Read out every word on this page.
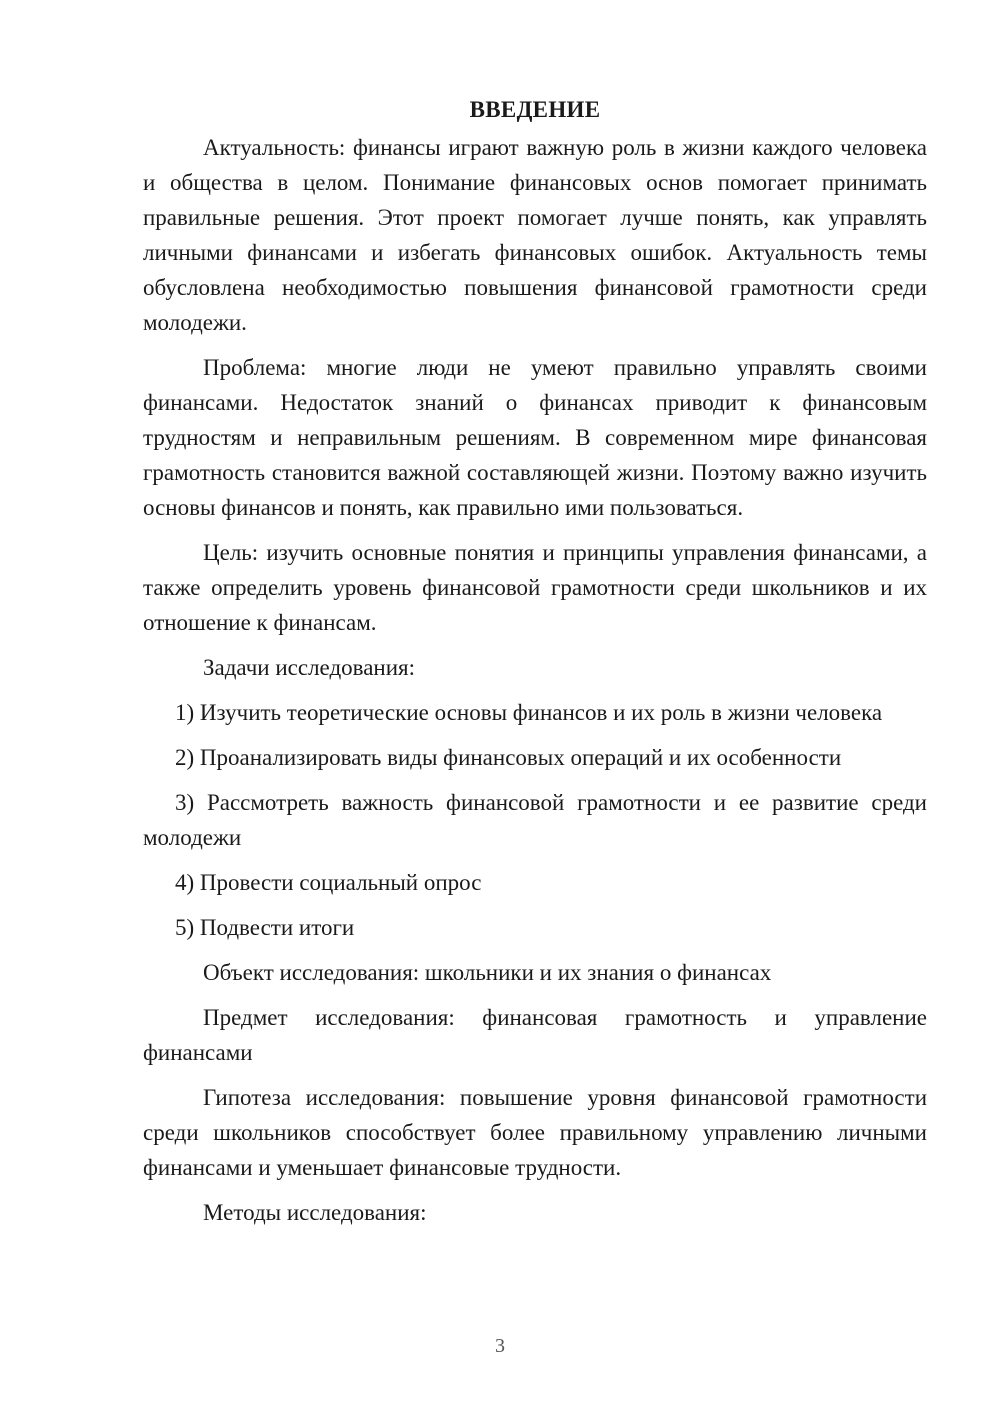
ВВЕДЕНИЕ

Актуальность: финансы играют важную роль в жизни каждого человека и общества в целом. Понимание финансовых основ помогает принимать правильные решения. Этот проект помогает лучше понять, как управлять личными финансами и избегать финансовых ошибок. Актуальность темы обусловлена необходимостью повышения финансовой грамотности среди молодежи.

Проблема: многие люди не умеют правильно управлять своими финансами. Недостаток знаний о финансах приводит к финансовым трудностям и неправильным решениям. В современном мире финансовая грамотность становится важной составляющей жизни. Поэтому важно изучить основы финансов и понять, как правильно ими пользоваться.

Цель: изучить основные понятия и принципы управления финансами, а также определить уровень финансовой грамотности среди школьников и их отношение к финансам.

Задачи исследования:

1) Изучить теоретические основы финансов и их роль в жизни человека

2) Проанализировать виды финансовых операций и их особенности

3) Рассмотреть важность финансовой грамотности и ее развитие среди молодежи

4) Провести социальный опрос

5) Подвести итоги

Объект исследования: школьники и их знания о финансах

Предмет исследования: финансовая грамотность и управление финансами

Гипотеза исследования: повышение уровня финансовой грамотности среди школьников способствует более правильному управлению личными финансами и уменьшает финансовые трудности.

Методы исследования:

3
